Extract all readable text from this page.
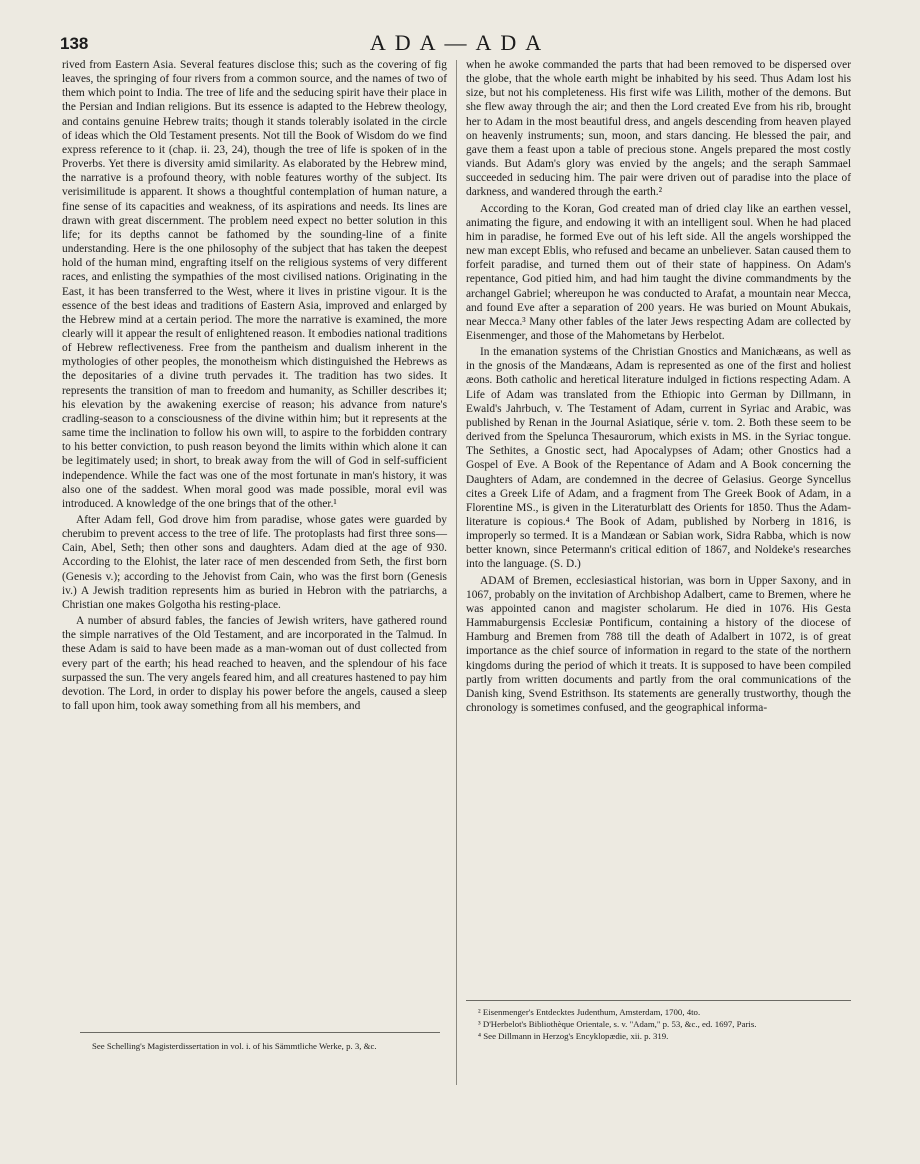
138	ADA—ADA

rived from Eastern Asia. Several features disclose this; such as the covering of fig leaves, the springing of four rivers from a common source, and the names of two of them which point to India. The tree of life and the seducing spirit have their place in the Persian and Indian religions. But its essence is adapted to the Hebrew theology, and contains genuine Hebrew traits; though it stands tolerably isolated in the circle of ideas which the Old Testament presents. Not till the Book of Wisdom do we find express reference to it (chap. ii. 23, 24), though the tree of life is spoken of in the Proverbs. Yet there is diversity amid similarity. As elaborated by the Hebrew mind, the narrative is a profound theory, with noble features worthy of the subject. Its verisimilitude is apparent. It shows a thoughtful contemplation of human nature, a fine sense of its capacities and weakness, of its aspirations and needs. Its lines are drawn with great discernment. The problem need expect no better solution in this life; for its depths cannot be fathomed by the sounding-line of a finite understanding. Here is the one philosophy of the subject that has taken the deepest hold of the human mind, engrafting itself on the religious systems of very different races, and enlisting the sympathies of the most civilised nations. Originating in the East, it has been transferred to the West, where it lives in pristine vigour. It is the essence of the best ideas and traditions of Eastern Asia, improved and enlarged by the Hebrew mind at a certain period. The more the narrative is examined, the more clearly will it appear the result of enlightened reason. It embodies national traditions of Hebrew reflectiveness. Free from the pantheism and dualism inherent in the mythologies of other peoples, the monotheism which distinguished the Hebrews as the depositaries of a divine truth pervades it. The tradition has two sides. It represents the transition of man to freedom and humanity, as Schiller describes it; his elevation by the awakening exercise of reason; his advance from nature's cradling-season to a consciousness of the divine within him; but it represents at the same time the inclination to follow his own will, to aspire to the forbidden contrary to his better conviction, to push reason beyond the limits within which alone it can be legitimately used; in short, to break away from the will of God in self-sufficient independence. While the fact was one of the most fortunate in man's history, it was also one of the saddest. When moral good was made possible, moral evil was introduced. A knowledge of the one brings that of the other.¹

After Adam fell, God drove him from paradise, whose gates were guarded by cherubim to prevent access to the tree of life. The protoplasts had first three sons—Cain, Abel, Seth; then other sons and daughters. Adam died at the age of 930. According to the Elohist, the later race of men descended from Seth, the first born (Genesis v.); according to the Jehovist from Cain, who was the first born (Genesis iv.) A Jewish tradition represents him as buried in Hebron with the patriarchs, a Christian one makes Golgotha his resting-place.

A number of absurd fables, the fancies of Jewish writers, have gathered round the simple narratives of the Old Testament, and are incorporated in the Talmud. In these Adam is said to have been made as a man-woman out of dust collected from every part of the earth; his head reached to heaven, and the splendour of his face surpassed the sun. The very angels feared him, and all creatures hastened to pay him devotion. The Lord, in order to display his power before the angels, caused a sleep to fall upon him, took away something from all his members, and

when he awoke commanded the parts that had been removed to be dispersed over the globe, that the whole earth might be inhabited by his seed. Thus Adam lost his size, but not his completeness. His first wife was Lilith, mother of the demons. But she flew away through the air; and then the Lord created Eve from his rib, brought her to Adam in the most beautiful dress, and angels descending from heaven played on heavenly instruments; sun, moon, and stars dancing. He blessed the pair, and gave them a feast upon a table of precious stone. Angels prepared the most costly viands. But Adam's glory was envied by the angels; and the seraph Sammael succeeded in seducing him. The pair were driven out of paradise into the place of darkness, and wandered through the earth.²

According to the Koran, God created man of dried clay like an earthen vessel, animating the figure, and endowing it with an intelligent soul. When he had placed him in paradise, he formed Eve out of his left side. All the angels worshipped the new man except Eblis, who refused and became an unbeliever. Satan caused them to forfeit paradise, and turned them out of their state of happiness. On Adam's repentance, God pitied him, and had him taught the divine commandments by the archangel Gabriel; whereupon he was conducted to Arafat, a mountain near Mecca, and found Eve after a separation of 200 years. He was buried on Mount Abukais, near Mecca.³ Many other fables of the later Jews respecting Adam are collected by Eisenmenger, and those of the Mahometans by Herbelot.

In the emanation systems of the Christian Gnostics and Manichæans, as well as in the gnosis of the Mandæans, Adam is represented as one of the first and holiest æons. Both catholic and heretical literature indulged in fictions respecting Adam. A Life of Adam was translated from the Ethiopic into German by Dillmann, in Ewald's Jahrbuch, v. The Testament of Adam, current in Syriac and Arabic, was published by Renan in the Journal Asiatique, série v. tom. 2. Both these seem to be derived from the Spelunca Thesaurorum, which exists in MS. in the Syriac tongue. The Sethites, a Gnostic sect, had Apocalypses of Adam; other Gnostics had a Gospel of Eve. A Book of the Repentance of Adam and A Book concerning the Daughters of Adam, are condemned in the decree of Gelasius. George Syncellus cites a Greek Life of Adam, and a fragment from The Greek Book of Adam, in a Florentine MS., is given in the Literaturblatt des Orients for 1850. Thus the Adam-literature is copious.⁴ The Book of Adam, published by Norberg in 1816, is improperly so termed. It is a Mandæan or Sabian work, Sidra Rabba, which is now better known, since Petermann's critical edition of 1867, and Noldeke's researches into the language. (S. D.)

ADAM of Bremen, ecclesiastical historian, was born in Upper Saxony, and in 1067, probably on the invitation of Archbishop Adalbert, came to Bremen, where he was appointed canon and magister scholarum. He died in 1076. His Gesta Hammaburgensis Ecclesiæ Pontificum, containing a history of the diocese of Hamburg and Bremen from 788 till the death of Adalbert in 1072, is of great importance as the chief source of information in regard to the state of the northern kingdoms during the period of which it treats. It is supposed to have been compiled partly from written documents and partly from the oral communications of the Danish king, Svend Estrithson. Its statements are generally trustworthy, though the chronology is sometimes confused, and the geographical informa-

See Schelling's Magisterdissertation in vol. i. of his Sämmtliche Werke, p. 3, &c.

² Eisenmenger's Entdecktes Judenthum, Amsterdam, 1700, 4to.

³ D'Herbelot's Bibliothèque Orientale, s. v. "Adam," p. 53, &c., ed. 1697, Paris.

⁴ See Dillmann in Herzog's Encyklopædie, xii. p. 319.
